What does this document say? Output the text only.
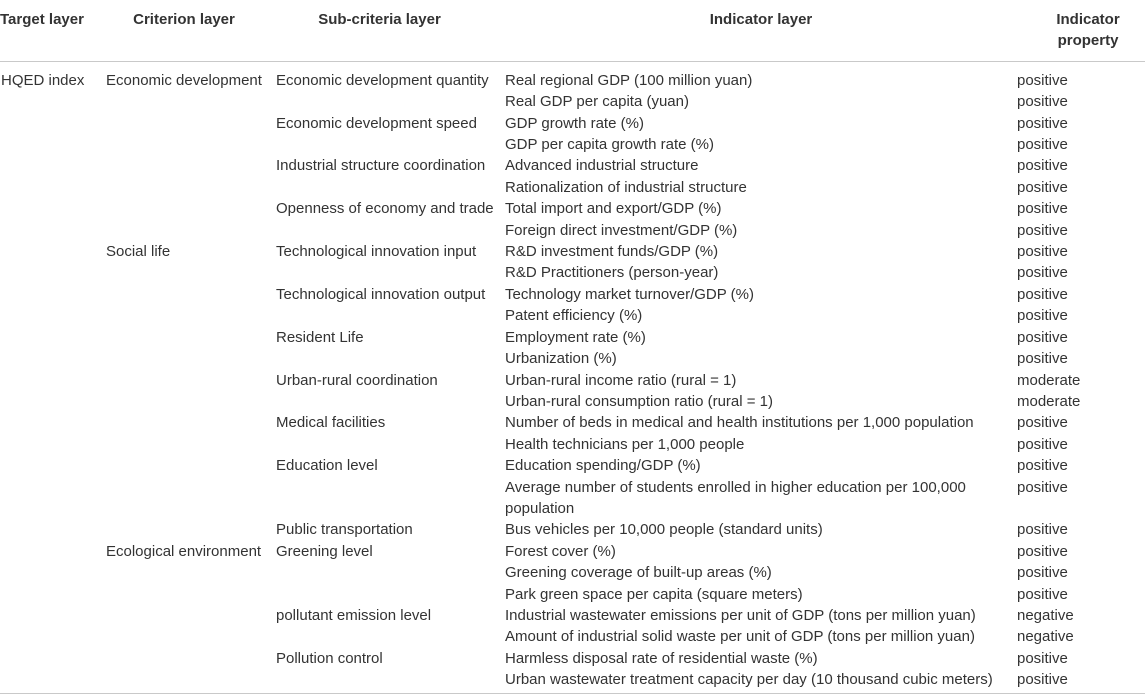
Target layer	Criterion layer	Sub-criteria layer	Indicator layer	Indicator property
HQED index	Economic development	Economic development quantity	Real regional GDP (100 million yuan)	positive
			Real GDP per capita (yuan)	positive
		Economic development speed	GDP growth rate (%)	positive
			GDP per capita growth rate (%)	positive
		Industrial structure coordination	Advanced industrial structure	positive
			Rationalization of industrial structure	positive
		Openness of economy and trade	Total import and export/GDP (%)	positive
			Foreign direct investment/GDP (%)	positive
	Social life	Technological innovation input	R&D investment funds/GDP (%)	positive
			R&D Practitioners (person-year)	positive
		Technological innovation output	Technology market turnover/GDP (%)	positive
			Patent efficiency (%)	positive
		Resident Life	Employment rate (%)	positive
			Urbanization (%)	positive
		Urban-rural coordination	Urban-rural income ratio (rural = 1)	moderate
			Urban-rural consumption ratio (rural = 1)	moderate
		Medical facilities	Number of beds in medical and health institutions per 1,000 population	positive
			Health technicians per 1,000 people	positive
		Education level	Education spending/GDP (%)	positive
			Average number of students enrolled in higher education per 100,000 population	positive
		Public transportation	Bus vehicles per 10,000 people (standard units)	positive
	Ecological environment	Greening level	Forest cover (%)	positive
			Greening coverage of built-up areas (%)	positive
			Park green space per capita (square meters)	positive
		pollutant emission level	Industrial wastewater emissions per unit of GDP (tons per million yuan)	negative
			Amount of industrial solid waste per unit of GDP (tons per million yuan)	negative
		Pollution control	Harmless disposal rate of residential waste (%)	positive
			Urban wastewater treatment capacity per day (10 thousand cubic meters)	positive
